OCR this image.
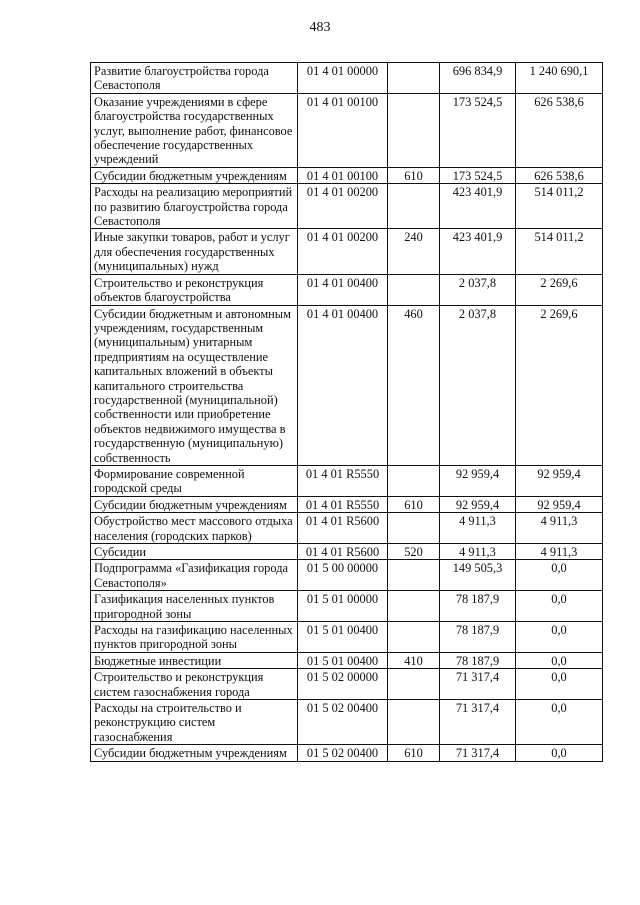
483
Развитие благоустройства города Севастополя	01 4 01 00000		696 834,9	1 240 690,1
Оказание учреждениями в сфере благоустройства государственных услуг, выполнение работ, финансовое обеспечение государственных учреждений	01 4 01 00100		173 524,5	626 538,6
Субсидии бюджетным учреждениям	01 4 01 00100	610	173 524,5	626 538,6
Расходы на реализацию мероприятий по развитию благоустройства города Севастополя	01 4 01 00200		423 401,9	514 011,2
Иные закупки товаров, работ и услуг для обеспечения государственных (муниципальных) нужд	01 4 01 00200	240	423 401,9	514 011,2
Строительство и реконструкция объектов благоустройства	01 4 01 00400		2 037,8	2 269,6
Субсидии бюджетным и автономным учреждениям, государственным (муниципальным) унитарным предприятиям на осуществление капитальных вложений в объекты капитального строительства государственной (муниципальной) собственности или приобретение объектов недвижимого имущества в государственную (муниципальную) собственность	01 4 01 00400	460	2 037,8	2 269,6
Формирование современной городской среды	01 4 01 R5550		92 959,4	92 959,4
Субсидии бюджетным учреждениям	01 4 01 R5550	610	92 959,4	92 959,4
Обустройство мест массового отдыха населения (городских парков)	01 4 01 R5600		4 911,3	4 911,3
Субсидии	01 4 01 R5600	520	4 911,3	4 911,3
Подпрограмма «Газификация города Севастополя»	01 5 00 00000		149 505,3	0,0
Газификация населенных пунктов пригородной зоны	01 5 01 00000		78 187,9	0,0
Расходы на газификацию населенных пунктов пригородной зоны	01 5 01 00400		78 187,9	0,0
Бюджетные инвестиции	01 5 01 00400	410	78 187,9	0,0
Строительство и реконструкция систем газоснабжения города	01 5 02 00000		71 317,4	0,0
Расходы на строительство и реконструкцию систем газоснабжения	01 5 02 00400		71 317,4	0,0
Субсидии бюджетным учреждениям	01 5 02 00400	610	71 317,4	0,0
